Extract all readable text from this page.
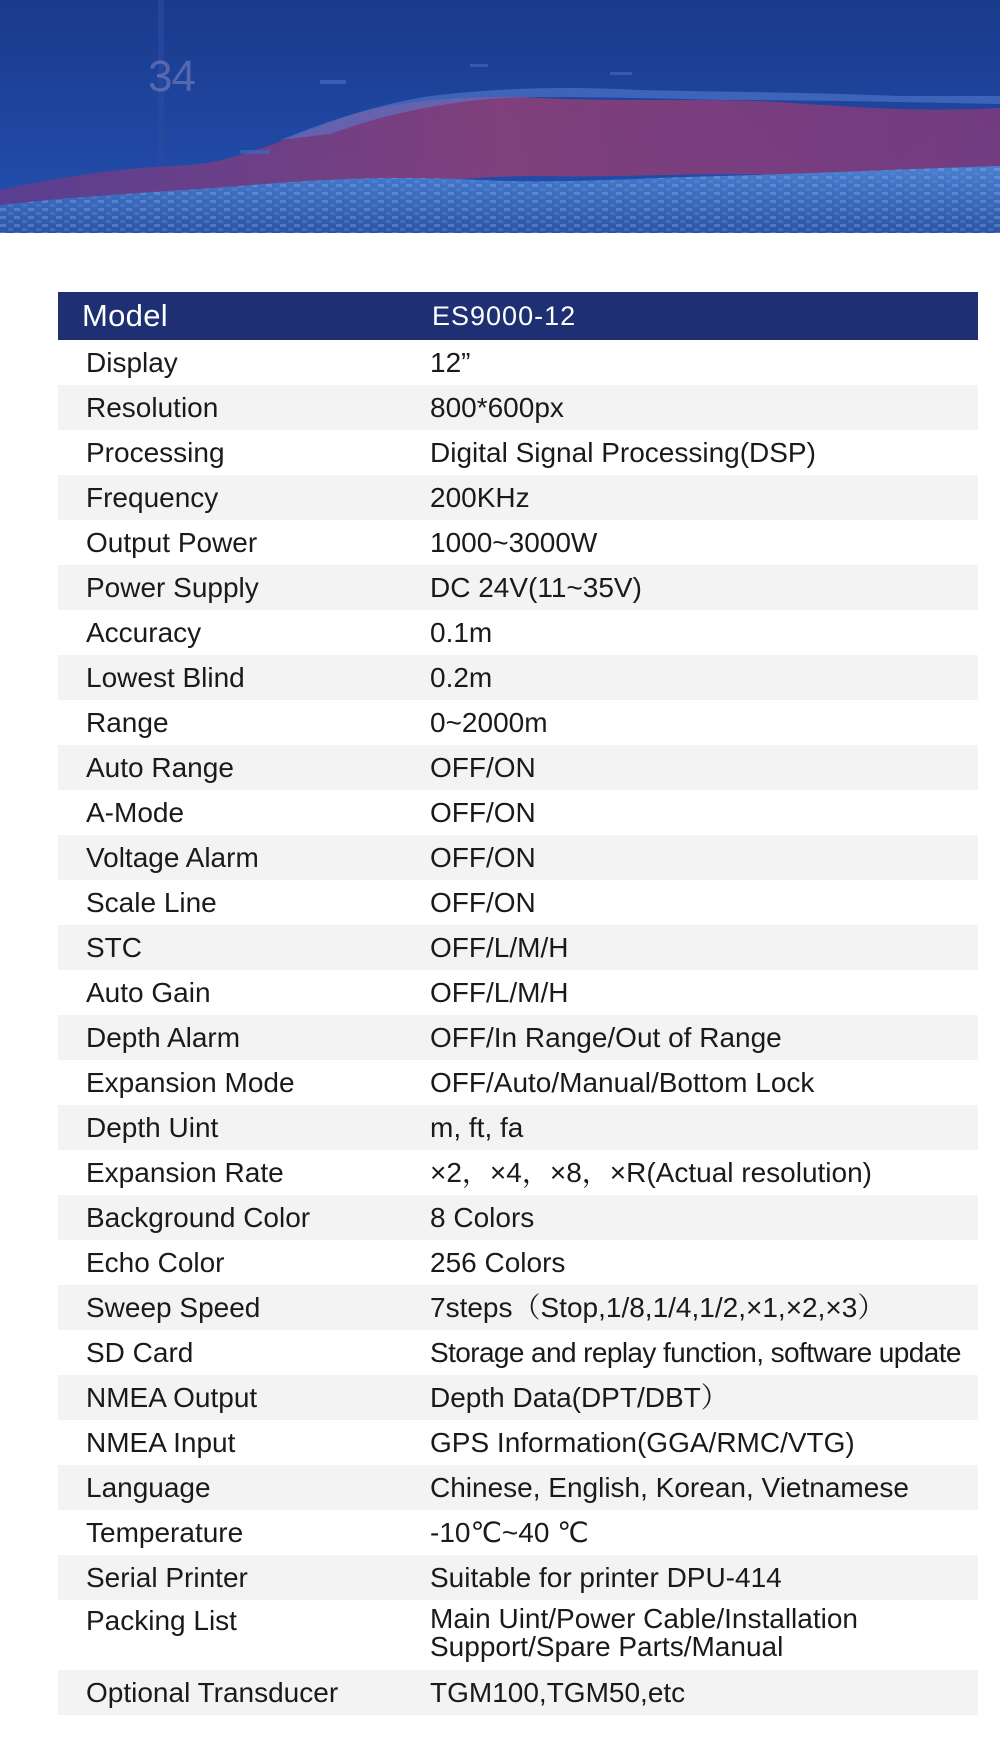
34
Model	ES9000-12
Display	12”
Resolution	800*600px
Processing	Digital Signal Processing(DSP)
Frequency	200KHz
Output Power	1000~3000W
Power Supply	DC 24V(11~35V)
Accuracy	0.1m
Lowest Blind	0.2m
Range	0~2000m
Auto Range	OFF/ON
A-Mode	OFF/ON
Voltage Alarm	OFF/ON
Scale Line	OFF/ON
STC	OFF/L/M/H
Auto Gain	OFF/L/M/H
Depth Alarm	OFF/In Range/Out of Range
Expansion Mode	OFF/Auto/Manual/Bottom Lock
Depth Uint	m, ft, fa
Expansion Rate	×2，×4，×8，×R(Actual resolution)
Background Color	8 Colors
Echo Color	256 Colors
Sweep Speed	7steps（Stop,1/8,1/4,1/2,×1,×2,×3）
SD Card	Storage and replay function, software update
NMEA Output	Depth Data(DPT/DBT）
NMEA Input	GPS Information(GGA/RMC/VTG)
Language	Chinese, English, Korean, Vietnamese
Temperature	-10℃~40 ℃
Serial Printer	Suitable for printer DPU-414
Packing List	Main Uint/Power Cable/Installation
Support/Spare Parts/Manual
Optional Transducer	TGM100,TGM50,etc
